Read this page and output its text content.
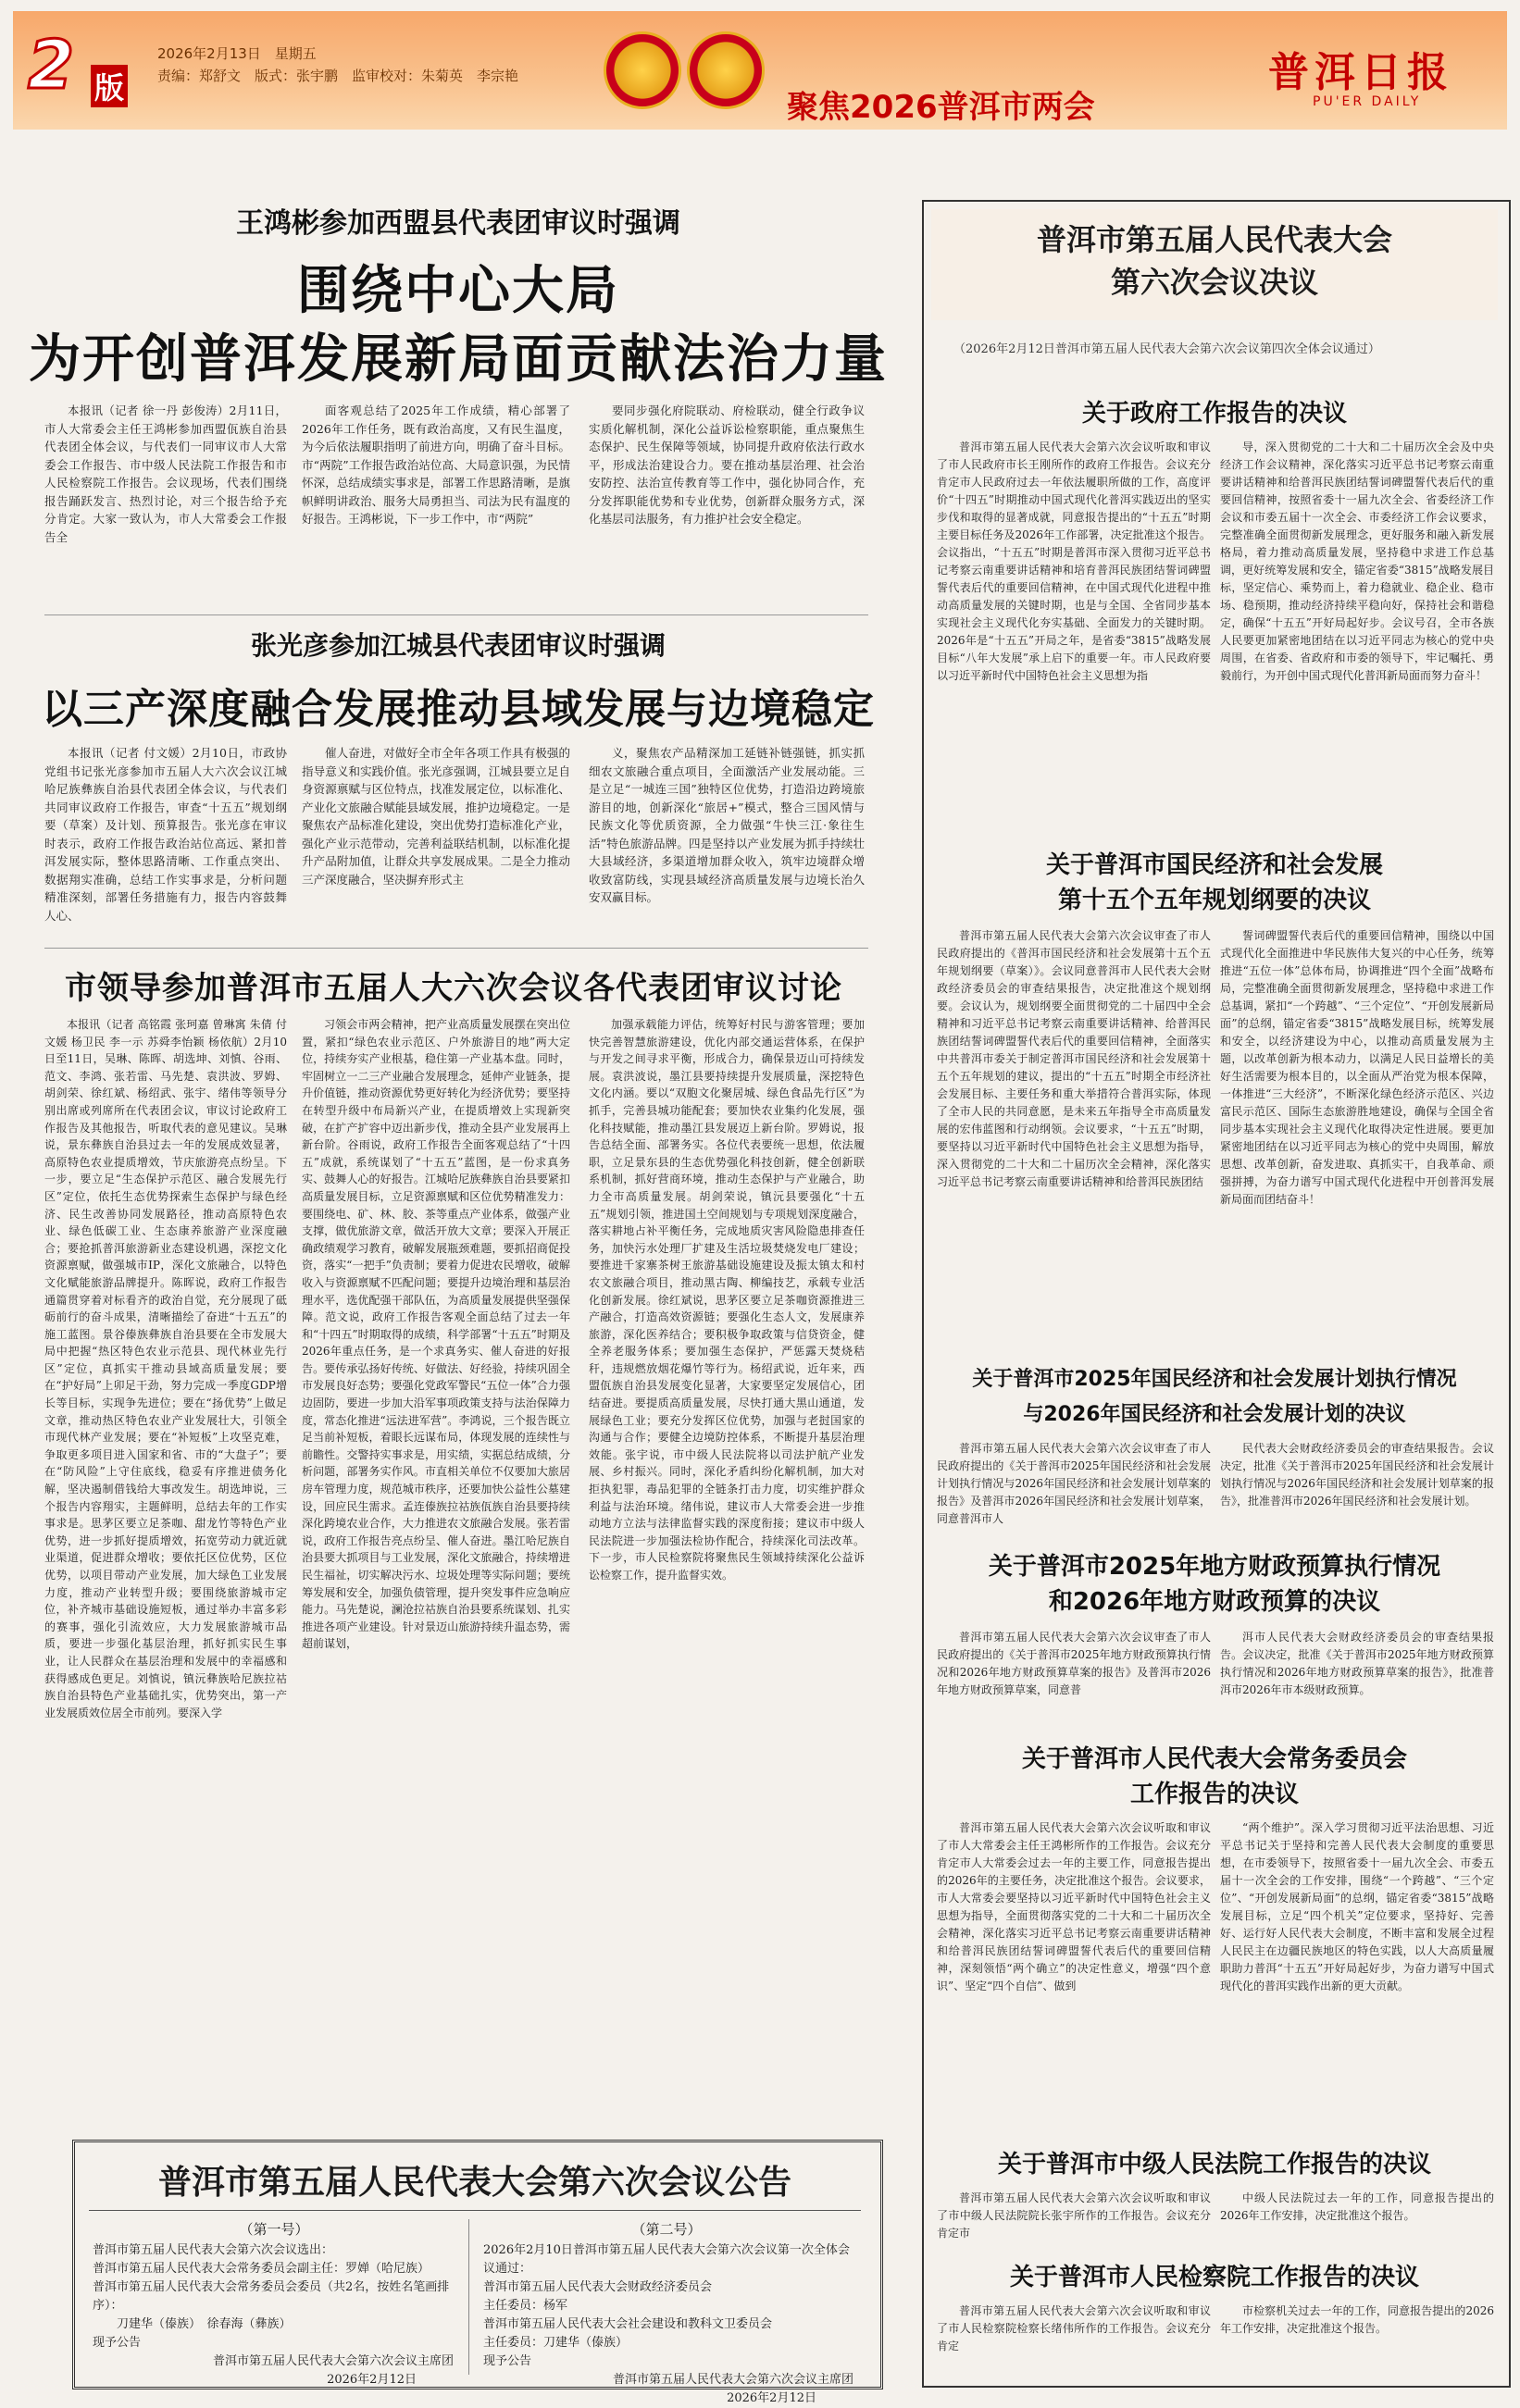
2 版
2026年2月13日　星期五
责编：郑舒文　版式：张宇鹏　监审校对：朱菊英　李宗艳
聚焦2026普洱市两会
普洱日报
PU'ER DAILY
王鸿彬参加西盟县代表团审议时强调
围绕中心大局
为开创普洱发展新局面贡献法治力量

本报讯（记者 徐一丹 彭俊涛）2月11日，市人大常委会主任王鸿彬参加西盟佤族自治县代表团全体会议，与代表们一同审议市人大常委会工作报告、市中级人民法院工作报告和市人民检察院工作报告。会议现场，代表们围绕报告踊跃发言、热烈讨论，对三个报告给予充分肯定。大家一致认为，市人大常委会工作报告全

面客观总结了2025年工作成绩，精心部署了2026年工作任务，既有政治高度，又有民生温度，为今后依法履职指明了前进方向，明确了奋斗目标。市“两院”工作报告政治站位高、大局意识强，为民情怀深，总结成绩实事求是，部署工作思路清晰，是旗帜鲜明讲政治、服务大局勇担当、司法为民有温度的好报告。王鸿彬说，下一步工作中，市“两院”

要同步强化府院联动、府检联动，健全行政争议实质化解机制，深化公益诉讼检察职能，重点聚焦生态保护、民生保障等领域，协同提升政府依法行政水平，形成法治建设合力。要在推动基层治理、社会治安防控、法治宣传教育等工作中，强化协同合作，充分发挥职能优势和专业优势，创新群众服务方式，深化基层司法服务，有力推护社会安全稳定。

张光彦参加江城县代表团审议时强调
以三产深度融合发展推动县域发展与边境稳定

本报讯（记者 付文媛）2月10日，市政协党组书记张光彦参加市五届人大六次会议江城哈尼族彝族自治县代表团全体会议，与代表们共同审议政府工作报告，审查“十五五”规划纲要（草案）及计划、预算报告。张光彦在审议时表示，政府工作报告政治站位高远、紧扣普洱发展实际，整体思路清晰、工作重点突出、数据翔实准确，总结工作实事求是，分析问题精准深刻，部署任务措施有力，报告内容鼓舞人心、

催人奋进，对做好全市全年各项工作具有极强的指导意义和实践价值。张光彦强调，江城县要立足自身资源禀赋与区位特点，找准发展定位，以标准化、产业化文旅融合赋能县域发展，推护边境稳定。一是聚焦农产品标准化建设，突出优势打造标准化产业，强化产业示范带动，完善利益联结机制，以标准化提升产品附加值，让群众共享发展成果。二是全力推动三产深度融合，坚决摒弃形式主

义，聚焦农产品精深加工延链补链强链，抓实抓细农文旅融合重点项目，全面激活产业发展动能。三是立足“一城连三国”独特区位优势，打造沿边跨境旅游目的地，创新深化“旅居+”模式，整合三国风情与民族文化等优质资源，全力做强“牛快三江·象往生活”特色旅游品牌。四是坚持以产业发展为抓手持续壮大县域经济，多渠道增加群众收入，筑牢边境群众增收致富防线，实现县域经济高质量发展与边境长治久安双赢目标。

市领导参加普洱市五届人大六次会议各代表团审议讨论

本报讯（记者 高铭霞 张珂嘉 曾琳寓 朱倩 付文媛 杨卫民 李一示 苏舜李怡颖 杨依航）2月10日至11日，吴琳、陈晖、胡选坤、刘慎、谷雨、范文、李鸿、张若雷、马先楚、袁洪波、罗姆、胡剑荣、徐红斌、杨绍武、张宇、绪伟等领导分别出席或列席所在代表团会议，审议讨论政府工作报告及其他报告，听取代表的意见建议。吴琳说，景东彝族自治县过去一年的发展成效显著，高原特色农业提质增效，节庆旅游亮点纷呈。下一步，要立足“生态保护示范区、融合发展先行区”定位，依托生态优势探索生态保护与绿色经济、民生改善协同发展路径，推动高原特色农业、绿色低碳工业、生态康养旅游产业深度融合；要抢抓普洱旅游新业态建设机遇，深挖文化资源禀赋，做强城市IP，深化文旅融合，以特色文化赋能旅游品牌提升。陈晖说，政府工作报告通篇贯穿着对标看齐的政治自觉，充分展现了砥砺前行的奋斗成果，清晰描绘了奋进“十五五”的施工蓝图。景谷傣族彝族自治县要在全市发展大局中把握“热区特色农业示范县、现代林业先行区”定位，真抓实干推动县域高质量发展；要在“护好局”上卯足干劲，努力完成一季度GDP增长等目标，实现争先进位；要在“扬优势”上做足文章，推动热区特色农业产业发展壮大，引领全市现代林产业发展；要在“补短板”上攻坚克难，争取更多项目进入国家和省、市的“大盘子”；要在“防风险”上守住底线，稳妥有序推进债务化解，坚决遏制借钱给大事改发生。胡选坤说，三个报告内容翔实，主题鲜明，总结去年的工作实事求是。思茅区要立足茶咖、甜龙竹等特色产业优势，进一步抓好提质增效，拓宽劳动力就近就业渠道，促进群众增收；要依托区位优势，区位优势，以项目带动产业发展，加大绿色工业发展力度，推动产业转型升级；要围绕旅游城市定位，补齐城市基础设施短板，通过举办丰富多彩的赛事，强化引流效应，大力发展旅游城市品质，要进一步强化基层治理，抓好抓实民生事业，让人民群众在基层治理和发展中的幸福感和获得感成色更足。刘慎说，镇沅彝族哈尼族拉祜族自治县特色产业基础扎实，优势突出，第一产业发展质效位居全市前列。要深入学

习领会市两会精神，把产业高质量发展摆在突出位置，紧扣“绿色农业示范区、户外旅游目的地”两大定位，持续夯实产业根基，稳住第一产业基本盘。同时，牢固树立一二三产业融合发展理念，延伸产业链条，提升价值链，推动资源优势更好转化为经济优势；要坚持在转型升级中布局新兴产业，在提质增效上实现新突破，在扩产扩容中迈出新步伐，推动全县产业发展再上新台阶。谷雨说，政府工作报告全面客观总结了“十四五”成就，系统谋划了“十五五”蓝图，是一份求真务实、鼓舞人心的好报告。江城哈尼族彝族自治县要紧扣高质量发展目标，立足资源禀赋和区位优势精准发力：要围绕电、矿、林、胶、茶等重点产业体系，做强产业支撑，做优旅游文章，做活开放大文章；要深入开展正确政绩观学习教育，破解发展瓶颈难题，要抓招商促投资，落实“一把手”负责制；要着力促进农民增收，破解收入与资源禀赋不匹配问题；要提升边境治理和基层治理水平，选优配强干部队伍，为高质量发展提供坚强保障。范文说，政府工作报告客观全面总结了过去一年和“十四五”时期取得的成绩，科学部署“十五五”时期及2026年重点任务，是一个求真务实、催人奋进的好报告。要传承弘扬好传统、好做法、好经验，持续巩固全市发展良好态势；要强化党政军警民“五位一体”合力强边固防，要进一步加大沿军事项政策支持与法治保障力度，常态化推进“远法进军营”。李鸿说，三个报告既立足当前补短板，着眼长远谋布局，体现发展的连续性与前瞻性。交警持实事求是，用实绩，实据总结成绩，分析问题，部署务实作风。市直相关单位不仅要加大旅居房车管理力度，规范城市秩序，还要加快公益性公墓建设，回应民生需求。孟连傣族拉祜族佤族自治县要持续深化跨境农业合作，大力推进农文旅融合发展。张若雷说，政府工作报告亮点纷呈、催人奋进。墨江哈尼族自治县要大抓项目与工业发展，深化文旅融合，持续增进民生福祉，切实解决污水、垃圾处理等实际问题；要统筹发展和安全，加强负债管理，提升突发事件应急响应能力。马先楚说，澜沧拉祜族自治县要系统谋划、扎实推进各项产业建设。针对景迈山旅游持续升温态势，需超前谋划，

加强承载能力评估，统筹好村民与游客管理；要加快完善智慧旅游建设，优化内部交通运营体系，在保护与开发之间寻求平衡，形成合力，确保景迈山可持续发展。袁洪波说，墨江县要持续提升发展质量，深挖特色文化内涵。要以“双胞文化聚居城、绿色食品先行区”为抓手，完善县城功能配套；要加快农业集约化发展，强化科技赋能，推动墨江县发展迈上新台阶。罗姆说，报告总结全面、部署务实。各位代表要统一思想，依法履职，立足景东县的生态优势强化科技创新，健全创新联系机制，抓好营商环境，推动生态保护与产业融合，助力全市高质量发展。胡剑荣说，镇沅县要强化“十五五”规划引领，推进国土空间规划与专项规划深度融合，落实耕地占补平衡任务，完成地质灾害风险隐患排查任务，加快污水处理厂扩建及生活垃圾焚烧发电厂建设；要推进千家寨茶树王旅游基础设施建设及振太镇太和村农文旅融合项目，推动黑古陶、柳编技艺，承载专业活化创新发展。徐红斌说，思茅区要立足茶咖资源推进三产融合，打造高效资源链；要强化生态人文，发展康养旅游，深化医养结合；要积极争取政策与信贷资金，健全养老服务体系；要加强生态保护，严惩露天焚烧秸秆，违规燃放烟花爆竹等行为。杨绍武说，近年来，西盟佤族自治县发展变化显著，大家要坚定发展信心，团结奋进。要提质高质量发展，尽快打通大黑山通道，发展绿色工业；要充分发挥区位优势，加强与老挝国家的沟通与合作；要健全边境防控体系，不断提升基层治理效能。张宇说，市中级人民法院将以司法护航产业发展、乡村振兴。同时，深化矛盾纠纷化解机制，加大对拒执犯罪，毒品犯罪的全链条打击力度，切实维护群众利益与法治环境。绪伟说，建议市人大常委会进一步推动地方立法与法律监督实践的深度衔接；建议市中级人民法院进一步加强法检协作配合，持续深化司法改革。下一步，市人民检察院将聚焦民生领域持续深化公益诉讼检察工作，提升监督实效。

普洱市第五届人民代表大会第六次会议公告
（第一号）	（第二号）

普洱市第五届人民代表大会第六次会议选出：

普洱市第五届人民代表大会常务委员会副主任：罗婵（哈尼族）

普洱市第五届人民代表大会常务委员会委员（共2名，按姓名笔画排序）：

刀建华（傣族）　徐春海（彝族）

现予公告

普洱市第五届人民代表大会第六次会议主席团

2026年2月12日

2026年2月10日普洱市第五届人民代表大会第六次会议第一次全体会议通过：

普洱市第五届人民代表大会财政经济委员会

主任委员：杨军

普洱市第五届人民代表大会社会建设和教科文卫委员会

主任委员：刀建华（傣族）

现予公告

普洱市第五届人民代表大会第六次会议主席团

2026年2月12日

普洱市第五届人民代表大会
第六次会议决议
（2026年2月12日普洱市第五届人民代表大会第六次会议第四次全体会议通过）
关于政府工作报告的决议

普洱市第五届人民代表大会第六次会议听取和审议了市人民政府市长王刚所作的政府工作报告。会议充分肯定市人民政府过去一年依法履职所做的工作，高度评价“十四五”时期推动中国式现代化普洱实践迈出的坚实步伐和取得的显著成就，同意报告提出的“十五五”时期主要目标任务及2026年工作部署，决定批准这个报告。会议指出，“十五五”时期是普洱市深入贯彻习近平总书记考察云南重要讲话精神和培育普洱民族团结誓词碑盟誓代表后代的重要回信精神，在中国式现代化进程中推动高质量发展的关键时期，也是与全国、全省同步基本实现社会主义现代化夯实基础、全面发力的关键时期。2026年是“十五五”开局之年，是省委“3815”战略发展目标“八年大发展”承上启下的重要一年。市人民政府要以习近平新时代中国特色社会主义思想为指

导，深入贯彻党的二十大和二十届历次全会及中央经济工作会议精神，深化落实习近平总书记考察云南重要讲话精神和给普洱民族团结誓词碑盟誓代表后代的重要回信精神，按照省委十一届九次全会、省委经济工作会议和市委五届十一次全会、市委经济工作会议要求，完整准确全面贯彻新发展理念，更好服务和融入新发展格局，着力推动高质量发展，坚持稳中求进工作总基调，更好统筹发展和安全，锚定省委“3815”战略发展目标，坚定信心、乘势而上，着力稳就业、稳企业、稳市场、稳预期，推动经济持续平稳向好，保持社会和谐稳定，确保“十五五”开好局起好步。会议号召，全市各族人民要更加紧密地团结在以习近平同志为核心的党中央周围，在省委、省政府和市委的领导下，牢记嘱托、勇毅前行，为开创中国式现代化普洱新局面而努力奋斗！

关于普洱市国民经济和社会发展
第十五个五年规划纲要的决议

普洱市第五届人民代表大会第六次会议审查了市人民政府提出的《普洱市国民经济和社会发展第十五个五年规划纲要（草案）》。会议同意普洱市人民代表大会财政经济委员会的审查结果报告，决定批准这个规划纲要。会议认为，规划纲要全面贯彻党的二十届四中全会精神和习近平总书记考察云南重要讲话精神、给普洱民族团结誓词碑盟誓代表后代的重要回信精神，全面落实中共普洱市委关于制定普洱市国民经济和社会发展第十五个五年规划的建议，提出的“十五五”时期全市经济社会发展目标、主要任务和重大举措符合普洱实际，体现了全市人民的共同意愿，是未来五年指导全市高质量发展的宏伟蓝图和行动纲领。会议要求，“十五五”时期，要坚持以习近平新时代中国特色社会主义思想为指导，深入贯彻党的二十大和二十届历次全会精神，深化落实习近平总书记考察云南重要讲话精神和给普洱民族团结

誓词碑盟誓代表后代的重要回信精神，围绕以中国式现代化全面推进中华民族伟大复兴的中心任务，统筹推进“五位一体”总体布局，协调推进“四个全面”战略布局，完整准确全面贯彻新发展理念，坚持稳中求进工作总基调，紧扣“一个跨越”、“三个定位”、“开创发展新局面”的总纲，锚定省委“3815”战略发展目标，统筹发展和安全，以经济建设为中心，以推动高质量发展为主题，以改革创新为根本动力，以满足人民日益增长的美好生活需要为根本目的，以全面从严治党为根本保障，一体推进“三大经济”，不断深化绿色经济示范区、兴边富民示范区、国际生态旅游胜地建设，确保与全国全省同步基本实现社会主义现代化取得决定性进展。要更加紧密地团结在以习近平同志为核心的党中央周围，解放思想、改革创新，奋发进取、真抓实干，自我革命、顽强拼搏，为奋力谱写中国式现代化进程中开创普洱发展新局面而团结奋斗！

关于普洱市2025年国民经济和社会发展计划执行情况
与2026年国民经济和社会发展计划的决议

普洱市第五届人民代表大会第六次会议审查了市人民政府提出的《关于普洱市2025年国民经济和社会发展计划执行情况与2026年国民经济和社会发展计划草案的报告》及普洱市2026年国民经济和社会发展计划草案，同意普洱市人

民代表大会财政经济委员会的审查结果报告。会议决定，批准《关于普洱市2025年国民经济和社会发展计划执行情况与2026年国民经济和社会发展计划草案的报告》，批准普洱市2026年国民经济和社会发展计划。

关于普洱市2025年地方财政预算执行情况
和2026年地方财政预算的决议

普洱市第五届人民代表大会第六次会议审查了市人民政府提出的《关于普洱市2025年地方财政预算执行情况和2026年地方财政预算草案的报告》及普洱市2026年地方财政预算草案，同意普

洱市人民代表大会财政经济委员会的审查结果报告。会议决定，批准《关于普洱市2025年地方财政预算执行情况和2026年地方财政预算草案的报告》，批准普洱市2026年市本级财政预算。

关于普洱市人民代表大会常务委员会
工作报告的决议

普洱市第五届人民代表大会第六次会议听取和审议了市人大常委会主任王鸿彬所作的工作报告。会议充分肯定市人大常委会过去一年的主要工作，同意报告提出的2026年的主要任务，决定批准这个报告。会议要求，市人大常委会要坚持以习近平新时代中国特色社会主义思想为指导，全面贯彻落实党的二十大和二十届历次全会精神，深化落实习近平总书记考察云南重要讲话精神和给普洱民族团结誓词碑盟誓代表后代的重要回信精神，深刻领悟“两个确立”的决定性意义，增强“四个意识”、坚定“四个自信”、做到

“两个维护”。深入学习贯彻习近平法治思想、习近平总书记关于坚持和完善人民代表大会制度的重要思想，在市委领导下，按照省委十一届九次全会、市委五届十一次全会的工作安排，围绕“一个跨越”、“三个定位”、“开创发展新局面”的总纲，锚定省委“3815”战略发展目标，立足“四个机关”定位要求，坚持好、完善好、运行好人民代表大会制度，不断丰富和发展全过程人民民主在边疆民族地区的特色实践，以人大高质量履职助力普洱“十五五”开好局起好步，为奋力谱写中国式现代化的普洱实践作出新的更大贡献。

关于普洱市中级人民法院工作报告的决议

普洱市第五届人民代表大会第六次会议听取和审议了市中级人民法院院长张宇所作的工作报告。会议充分肯定市

中级人民法院过去一年的工作，同意报告提出的2026年工作安排，决定批准这个报告。

关于普洱市人民检察院工作报告的决议

普洱市第五届人民代表大会第六次会议听取和审议了市人民检察院检察长绪伟所作的工作报告。会议充分肯定

市检察机关过去一年的工作，同意报告提出的2026年工作安排，决定批准这个报告。
